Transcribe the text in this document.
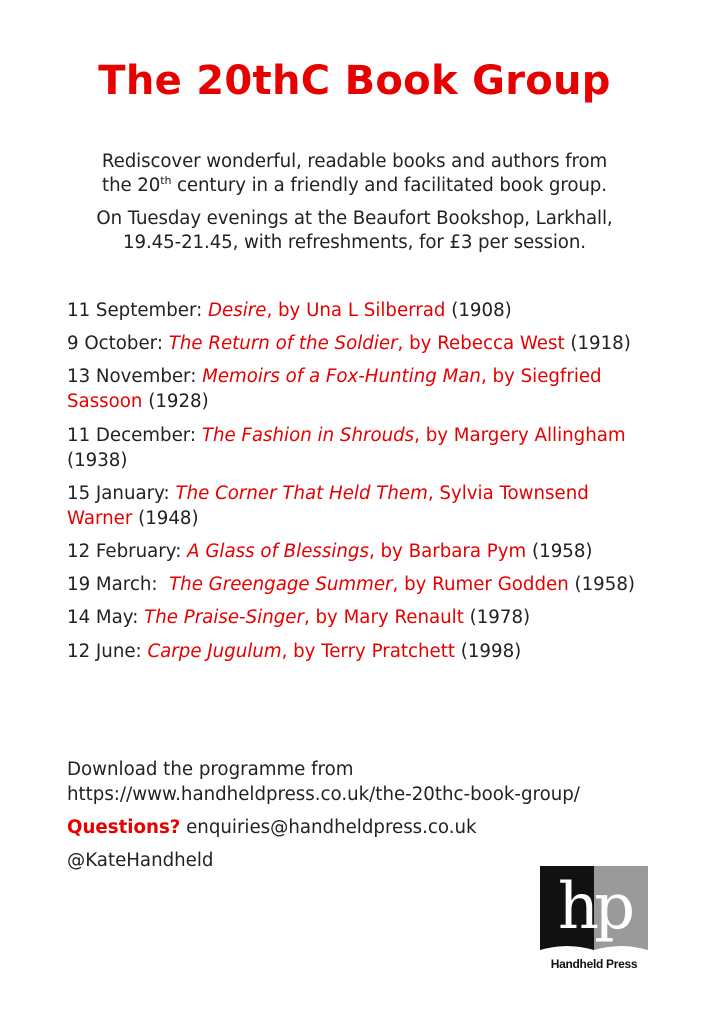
The 20thC Book Group

Rediscover wonderful, readable books and authors from
the 20th century in a friendly and facilitated book group.

On Tuesday evenings at the Beaufort Bookshop, Larkhall,
19.45-21.45, with refreshments, for £3 per session.

11 September: Desire, by Una L Silberrad (1908)
9 October: The Return of the Soldier, by Rebecca West (1918)
13 November: Memoirs of a Fox-Hunting Man, by Siegfried Sassoon (1928)
11 December: The Fashion in Shrouds, by Margery Allingham (1938)
15 January: The Corner That Held Them, Sylvia Townsend Warner (1948)
12 February: A Glass of Blessings, by Barbara Pym (1958)
19 March:  The Greengage Summer, by Rumer Godden (1958)
14 May: The Praise-Singer, by Mary Renault (1978)
12 June: Carpe Jugulum, by Terry Pratchett (1998)

Download the programme from
https://www.handheldpress.co.uk/the-20thc-book-group/

Questions? enquiries@handheldpress.co.uk

@KateHandheld

hp
Handheld Press
